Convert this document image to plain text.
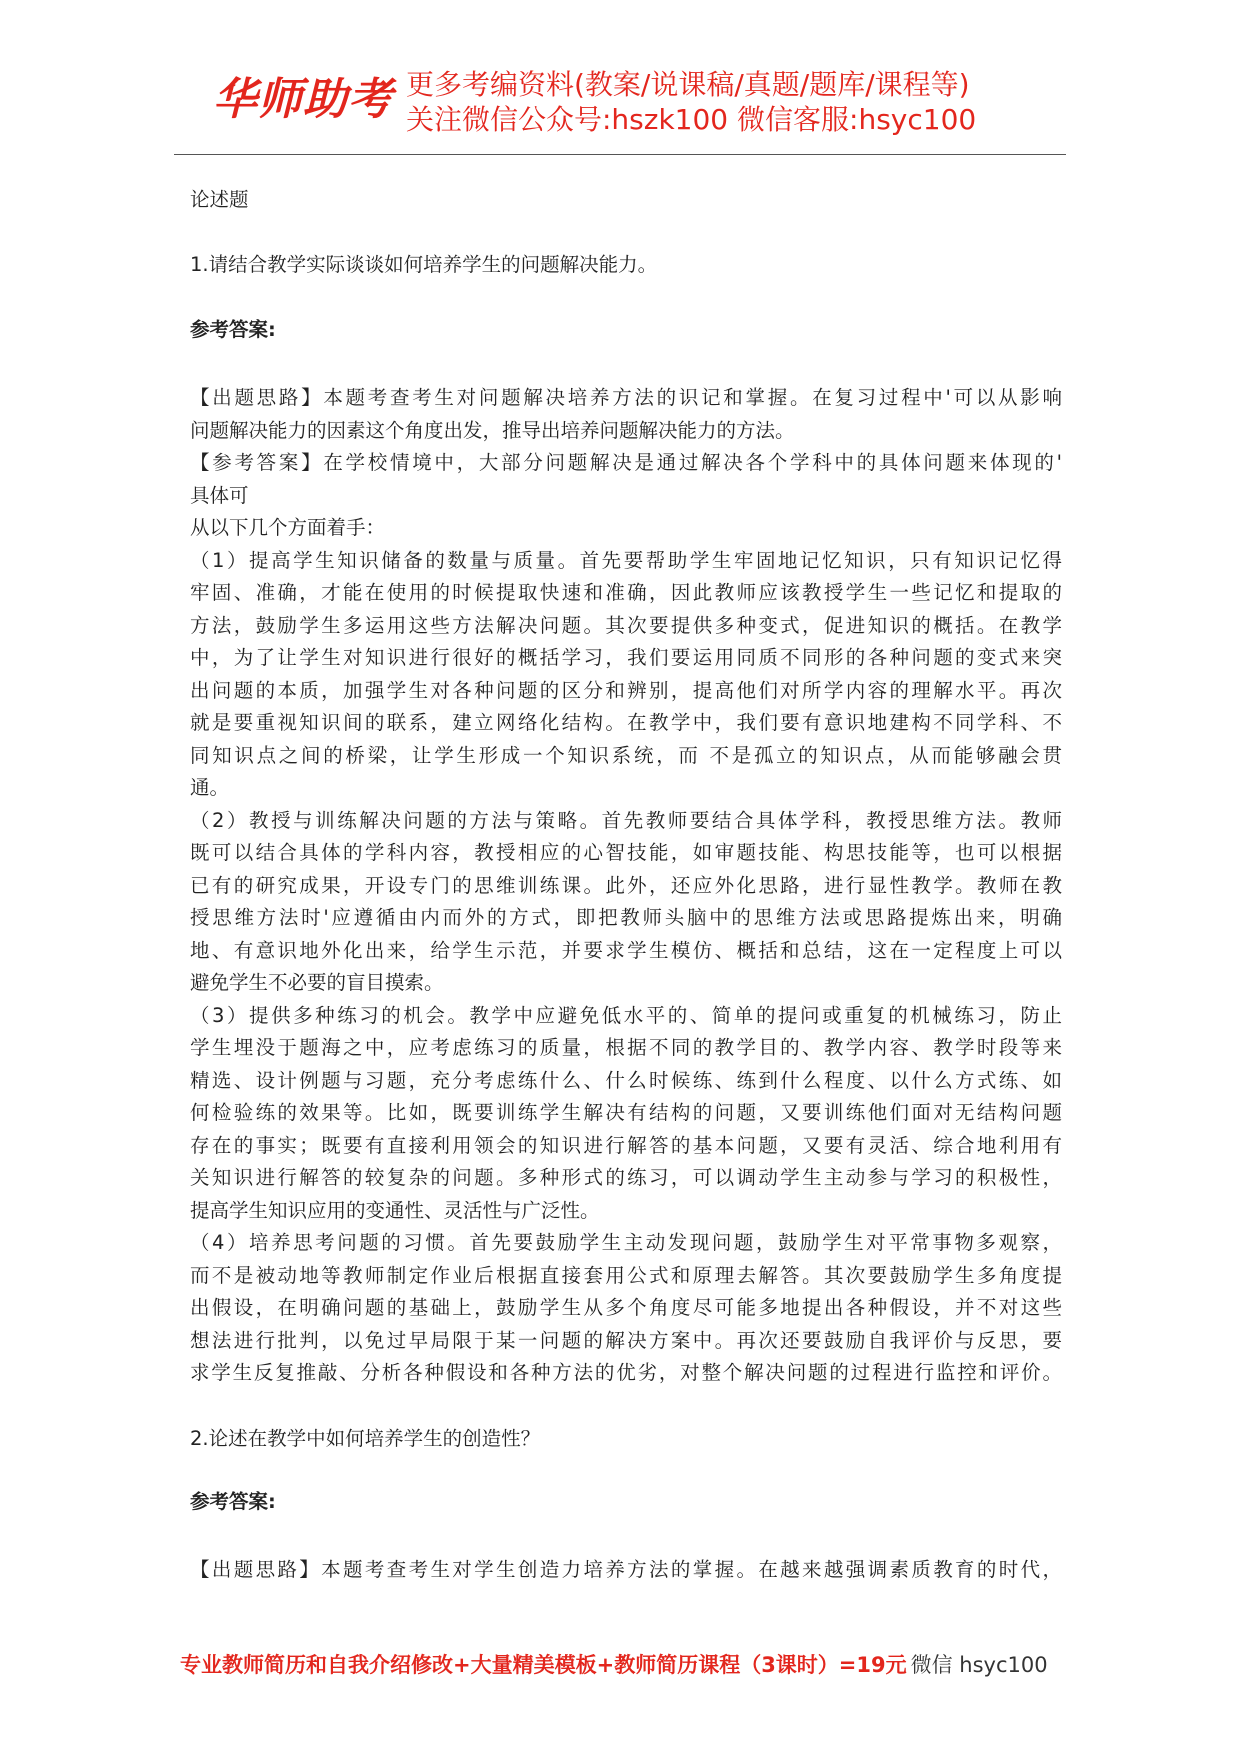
华师助考 更多考编资料(教案/说课稿/真题/题库/课程等)
关注微信公众号:hszk100 微信客服:hsyc100
论述题
1.请结合教学实际谈谈如何培养学生的问题解决能力。
参考答案:
【出题思路】本题考查考生对问题解决培养方法的识记和掌握。在复习过程中'可以从影响
问题解决能力的因素这个角度出发，推导出培养问题解决能力的方法。
【参考答案】在学校情境中，大部分问题解决是通过解决各个学科中的具体问题来体现的'
具体可
从以下几个方面着手：
（1）提高学生知识储备的数量与质量。首先要帮助学生牢固地记忆知识，只有知识记忆得
牢固、准确，才能在使用的时候提取快速和准确，因此教师应该教授学生一些记忆和提取的
方法，鼓励学生多运用这些方法解决问题。其次要提供多种变式，促进知识的概括。在教学
中，为了让学生对知识进行很好的概括学习，我们要运用同质不同形的各种问题的变式来突
出问题的本质，加强学生对各种问题的区分和辨别，提高他们对所学内容的理解水平。再次
就是要重视知识间的联系，建立网络化结构。在教学中，我们要有意识地建构不同学科、不
同知识点之间的桥梁，让学生形成一个知识系统，而 不是孤立的知识点，从而能够融会贯
通。
（2）教授与训练解决问题的方法与策略。首先教师要结合具体学科，教授思维方法。教师
既可以结合具体的学科内容，教授相应的心智技能，如审题技能、构思技能等，也可以根据
已有的研究成果，开设专门的思维训练课。此外，还应外化思路，进行显性教学。教师在教
授思维方法时'应遵循由内而外的方式，即把教师头脑中的思维方法或思路提炼出来，明确
地、有意识地外化出来，给学生示范，并要求学生模仿、概括和总结，这在一定程度上可以
避免学生不必要的盲目摸索。
（3）提供多种练习的机会。教学中应避免低水平的、简单的提问或重复的机械练习，防止
学生埋没于题海之中，应考虑练习的质量，根据不同的教学目的、教学内容、教学时段等来
精选、设计例题与习题，充分考虑练什么、什么时候练、练到什么程度、以什么方式练、如
何检验练的效果等。比如，既要训练学生解决有结构的问题，又要训练他们面对无结构问题
存在的事实；既要有直接利用领会的知识进行解答的基本问题，又要有灵活、综合地利用有
关知识进行解答的较复杂的问题。多种形式的练习，可以调动学生主动参与学习的积极性，
提高学生知识应用的变通性、灵活性与广泛性。
（4）培养思考问题的习惯。首先要鼓励学生主动发现问题，鼓励学生对平常事物多观察，
而不是被动地等教师制定作业后根据直接套用公式和原理去解答。其次要鼓励学生多角度提
出假设，在明确问题的基础上，鼓励学生从多个角度尽可能多地提出各种假设，并不对这些
想法进行批判，以免过早局限于某一问题的解决方案中。再次还要鼓励自我评价与反思，要
求学生反复推敲、分析各种假设和各种方法的优劣，对整个解决问题的过程进行监控和评价。
2.论述在教学中如何培养学生的创造性？
参考答案:
【出题思路】本题考查考生对学生创造力培养方法的掌握。在越来越强调素质教育的时代，
专业教师简历和自我介绍修改+大量精美模板+教师简历课程（3课时）=19元 微信 hsyc100
